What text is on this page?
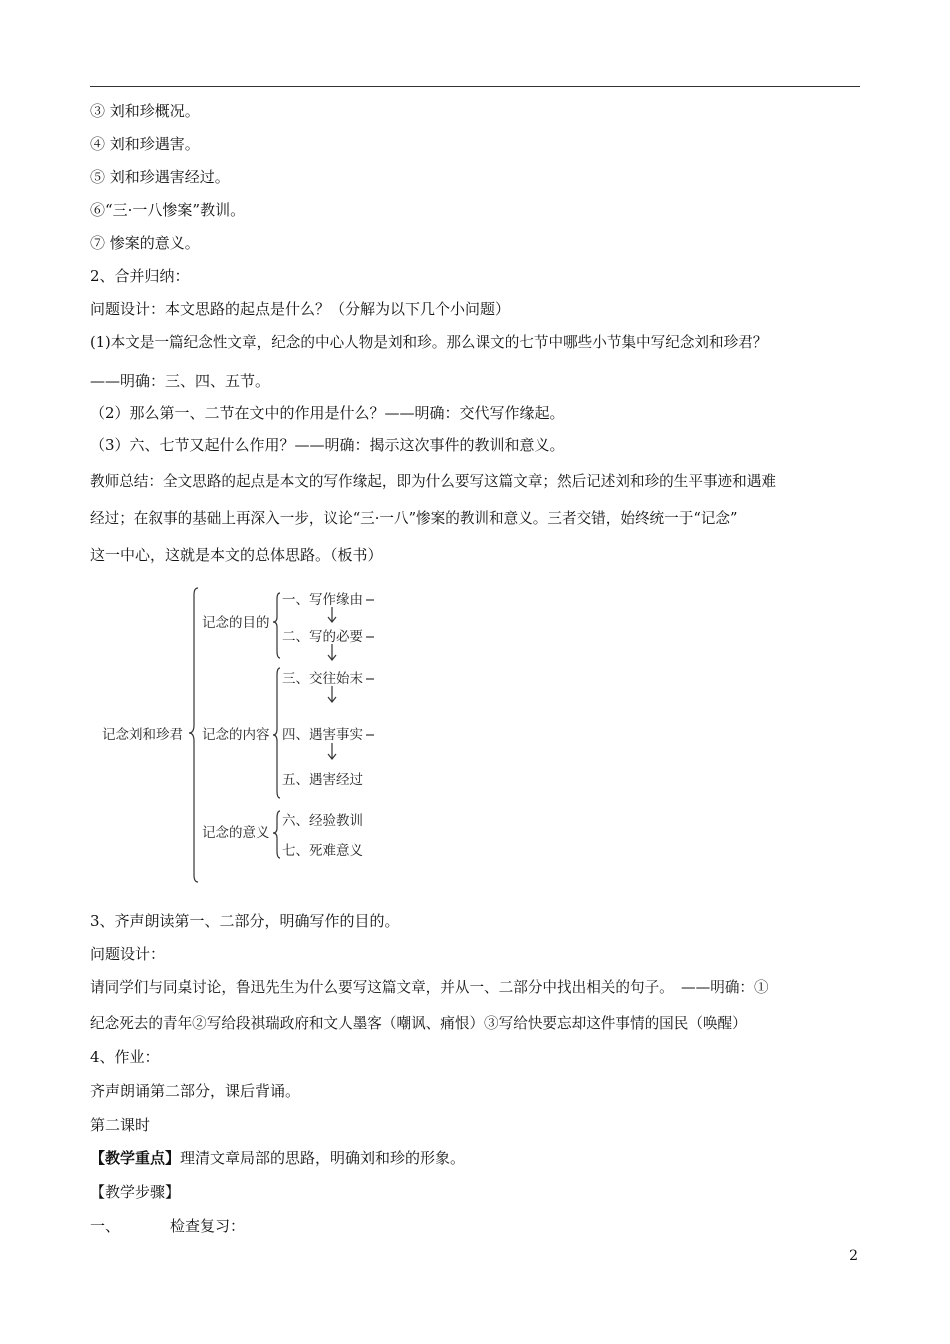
③ 刘和珍概况。
④ 刘和珍遇害。
⑤ 刘和珍遇害经过。
⑥“三·一八惨案”教训。
⑦ 惨案的意义。
2、合并归纳：
问题设计：本文思路的起点是什么？（分解为以下几个小问题）
(1)本文是一篇纪念性文章，纪念的中心人物是刘和珍。那么课文的七节中哪些小节集中写纪念刘和珍君？
——明确：三、四、五节。
（2）那么第一、二节在文中的作用是什么？——明确：交代写作缘起。
（3）六、七节又起什么作用？——明确：揭示这次事件的教训和意义。
教师总结：全文思路的起点是本文的写作缘起，即为什么要写这篇文章；然后记述刘和珍的生平事迹和遇难
经过；在叙事的基础上再深入一步，议论“三·一八”惨案的教训和意义。三者交错，始终统一于“记念”
这一中心，这就是本文的总体思路。（板书）
记念刘和珍君
记念的目的
一、写作缘由
二、写的必要
记念的内容
三、交往始末
四、遇害事实
五、遇害经过
记念的意义
六、经验教训
七、死难意义
3、齐声朗读第一、二部分，明确写作的目的。
问题设计：
请同学们与同桌讨论，鲁迅先生为什么要写这篇文章，并从一、二部分中找出相关的句子。　——明确：①
纪念死去的青年②写给段祺瑞政府和文人墨客（嘲讽、痛恨）③写给快要忘却这件事情的国民（唤醒）
4、作业：
齐声朗诵第二部分，课后背诵。
第二课时
【教学重点】理清文章局部的思路，明确刘和珍的形象。
【教学步骤】
一、	检查复习：
2
